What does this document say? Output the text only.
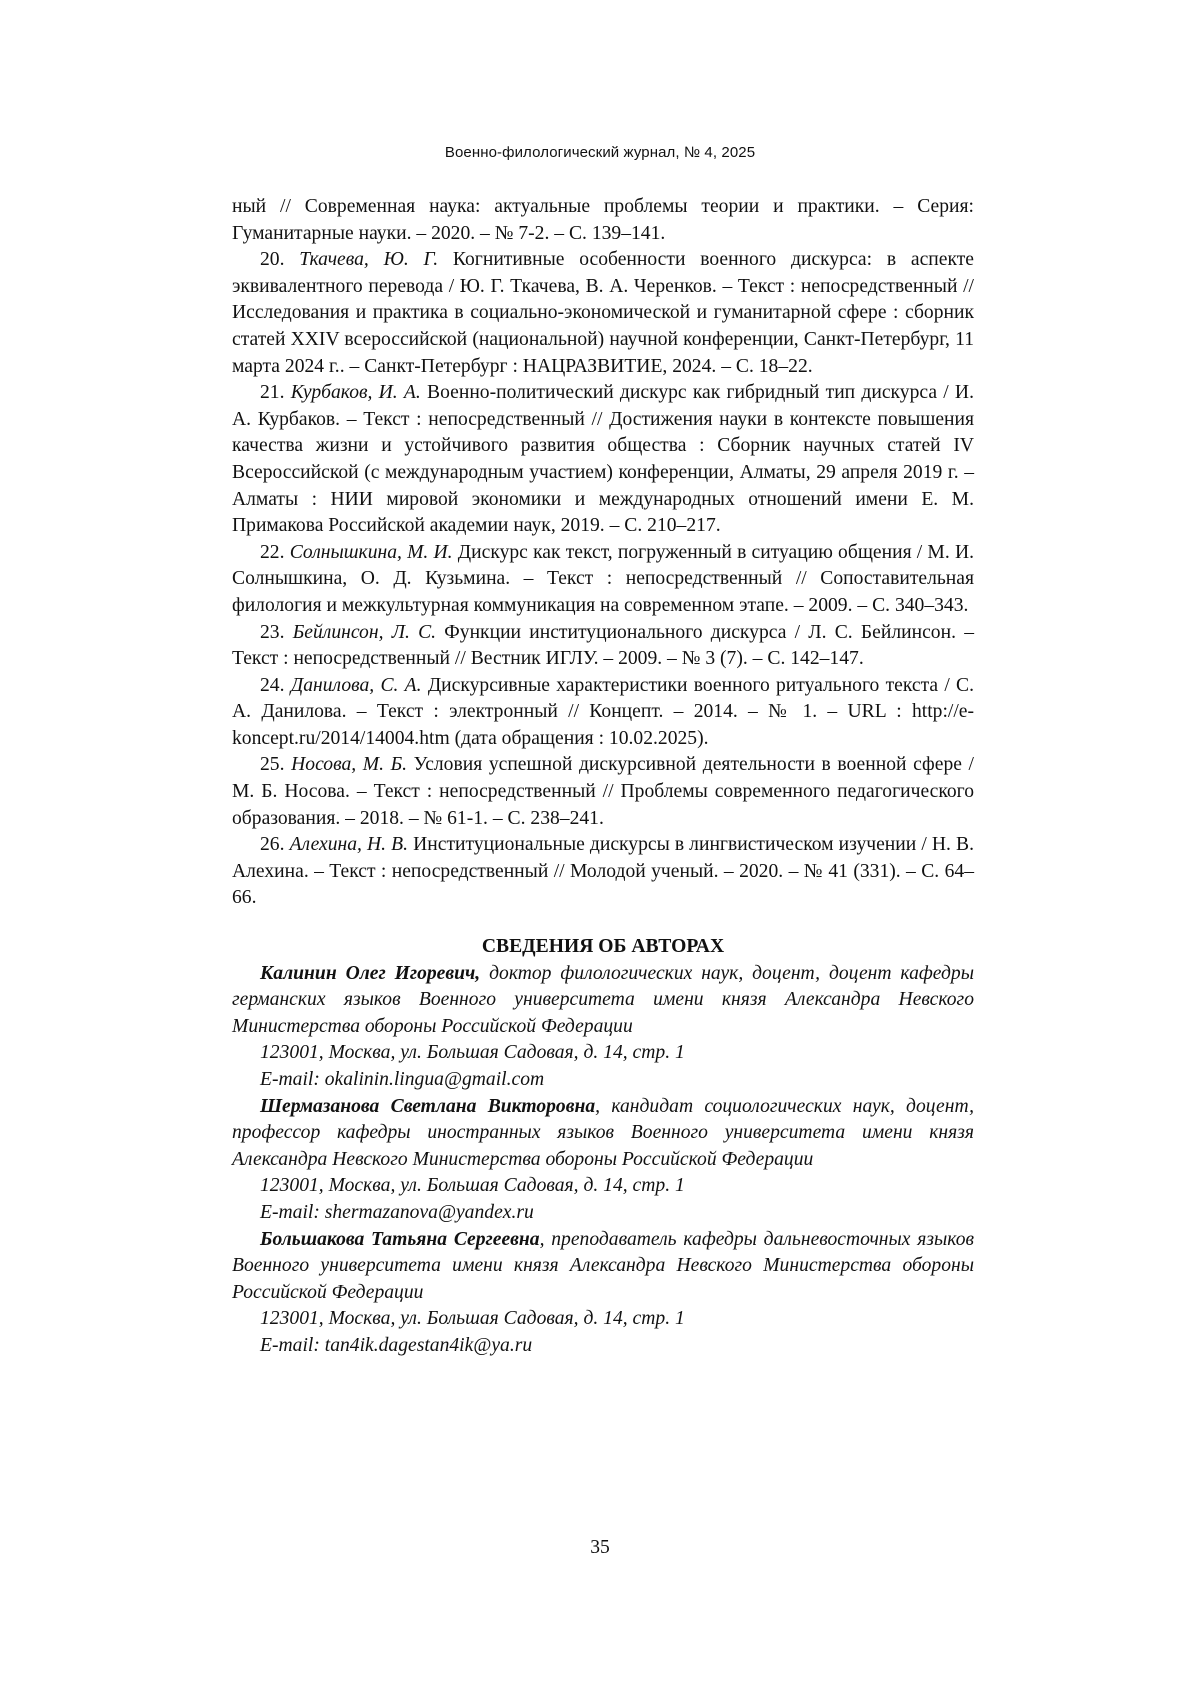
Военно-филологический журнал, № 4, 2025

ный // Современная наука: актуальные проблемы теории и практики. – Серия: Гуманитарные науки. – 2020. – № 7-2. – С. 139–141.

20. Ткачева, Ю. Г. Когнитивные особенности военного дискурса: в аспекте эквивалентного перевода / Ю. Г. Ткачева, В. А. Черенков. – Текст : непосредственный // Исследования и практика в социально-экономической и гуманитарной сфере : сборник статей XXIV всероссийской (национальной) научной конференции, Санкт-Петербург, 11 марта 2024 г.. – Санкт-Петербург : НАЦРАЗВИТИЕ, 2024. – С. 18–22.

21. Курбаков, И. А. Военно-политический дискурс как гибридный тип дискурса / И. А. Курбаков. – Текст : непосредственный // Достижения науки в контексте повышения качества жизни и устойчивого развития общества : Сборник научных статей IV Всероссийской (с международным участием) конференции, Алматы, 29 апреля 2019 г. – Алматы : НИИ мировой экономики и международных отношений имени Е. М. Примакова Российской академии наук, 2019. – С. 210–217.

22. Солнышкина, М. И. Дискурс как текст, погруженный в ситуацию общения / М. И. Солнышкина, О. Д. Кузьмина. – Текст : непосредственный // Сопоставительная филология и межкультурная коммуникация на современном этапе. – 2009. – С. 340–343.

23. Бейлинсон, Л. С. Функции институционального дискурса / Л. С. Бейлинсон. – Текст : непосредственный // Вестник ИГЛУ. – 2009. – № 3 (7). – С. 142–147.

24. Данилова, С. А. Дискурсивные характеристики военного ритуального текста / С. А. Данилова. – Текст : электронный // Концепт. – 2014. – № 1. – URL : http://e-koncept.ru/2014/14004.htm (дата обращения : 10.02.2025).

25. Носова, М. Б. Условия успешной дискурсивной деятельности в военной сфере / М. Б. Носова. – Текст : непосредственный // Проблемы современного педагогического образования. – 2018. – № 61-1. – С. 238–241.

26. Алехина, Н. В. Институциональные дискурсы в лингвистическом изучении / Н. В. Алехина. – Текст : непосредственный // Молодой ученый. – 2020. – № 41 (331). – С. 64–66.

СВЕДЕНИЯ ОБ АВТОРАХ

Калинин Олег Игоревич, доктор филологических наук, доцент, доцент кафедры германских языков Военного университета имени князя Александра Невского Министерства обороны Российской Федерации

123001, Москва, ул. Большая Садовая, д. 14, стр. 1

E-mail: okalinin.lingua@gmail.com

Шермазанова Светлана Викторовна, кандидат социологических наук, доцент, профессор кафедры иностранных языков Военного университета имени князя Александра Невского Министерства обороны Российской Федерации

123001, Москва, ул. Большая Садовая, д. 14, стр. 1

E-mail: shermazanova@yandex.ru

Большакова Татьяна Сергеевна, преподаватель кафедры дальневосточных языков Военного университета имени князя Александра Невского Министерства обороны Российской Федерации

123001, Москва, ул. Большая Садовая, д. 14, стр. 1

E-mail: tan4ik.dagestan4ik@ya.ru

35
